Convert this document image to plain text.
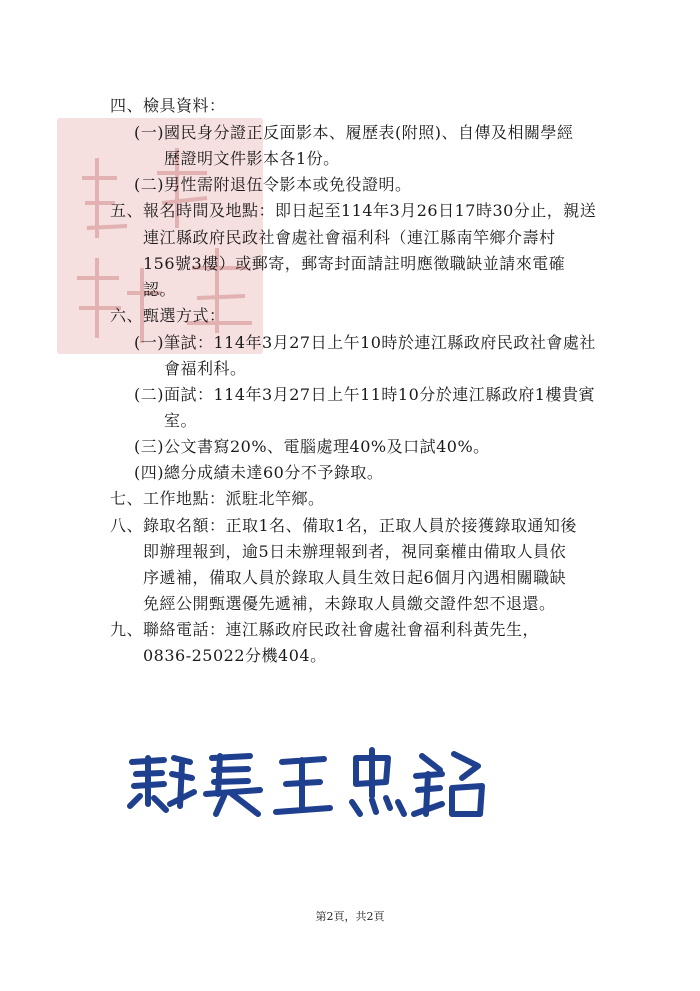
四、檢具資料：
(一)國民身分證正反面影本、履歷表(附照)、自傳及相關學經
歷證明文件影本各1份。
(二)男性需附退伍令影本或免役證明。
五、報名時間及地點：即日起至114年3月26日17時30分止，親送
連江縣政府民政社會處社會福利科（連江縣南竿鄉介壽村
156號3樓）或郵寄，郵寄封面請註明應徵職缺並請來電確
認。
六、甄選方式：
(一)筆試：114年3月27日上午10時於連江縣政府民政社會處社
會福利科。
(二)面試：114年3月27日上午11時10分於連江縣政府1樓貴賓
室。
(三)公文書寫20%、電腦處理40%及口試40%。
(四)總分成績未達60分不予錄取。
七、工作地點：派駐北竿鄉。
八、錄取名額：正取1名、備取1名，正取人員於接獲錄取通知後
即辦理報到，逾5日未辦理報到者，視同棄權由備取人員依
序遞補，備取人員於錄取人員生效日起6個月內遇相關職缺
免經公開甄選優先遞補，未錄取人員繳交證件恕不退還。
九、聯絡電話：連江縣政府民政社會處社會福利科黃先生，
0836-25022分機404。
第2頁，共2頁
